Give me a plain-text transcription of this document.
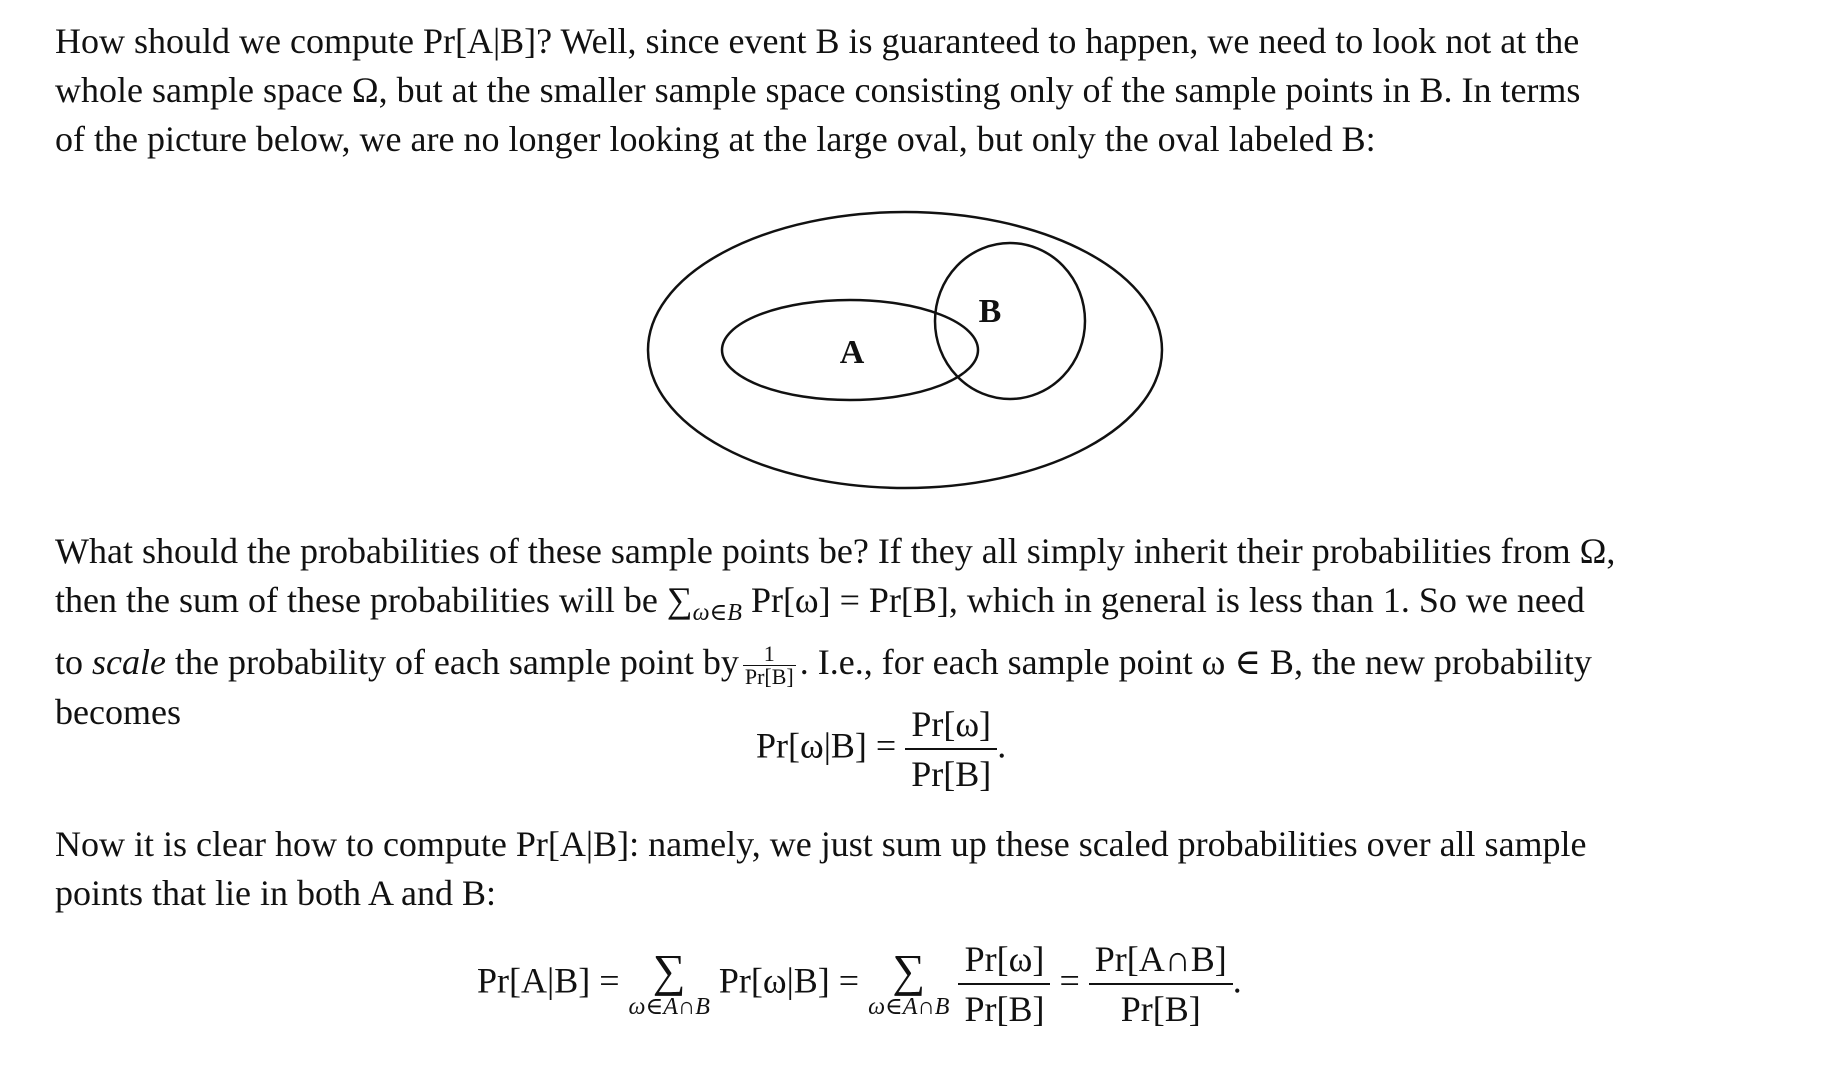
How should we compute Pr[A|B]? Well, since event B is guaranteed to happen, we need to look not at the
whole sample space Ω, but at the smaller sample space consisting only of the sample points in B. In terms
of the picture below, we are no longer looking at the large oval, but only the oval labeled B:
A
B
What should the probabilities of these sample points be? If they all simply inherit their probabilities from Ω,
then the sum of these probabilities will be $\sum_{\omega\in B}$ Pr[ω] = Pr[B], which in general is less than 1. So we need
to scale the probability of each sample point by $\frac{1}{Pr[B]}$ . I.e., for each sample point ω ∈ B, the new probability
becomes
$Pr[\omega|B] = \frac{Pr[\omega]}{Pr[B]}$ .
Now it is clear how to compute Pr[A|B]: namely, we just sum up these scaled probabilities over all sample
points that lie in both A and B:
Pr[A|B] = ∑
ω∈A∩B
Pr[ω|B] = ∑
ω∈A∩B
$\frac{Pr[\omega]}{Pr[B]} = \frac{Pr[A\cap B]}{Pr[B]}$ .
